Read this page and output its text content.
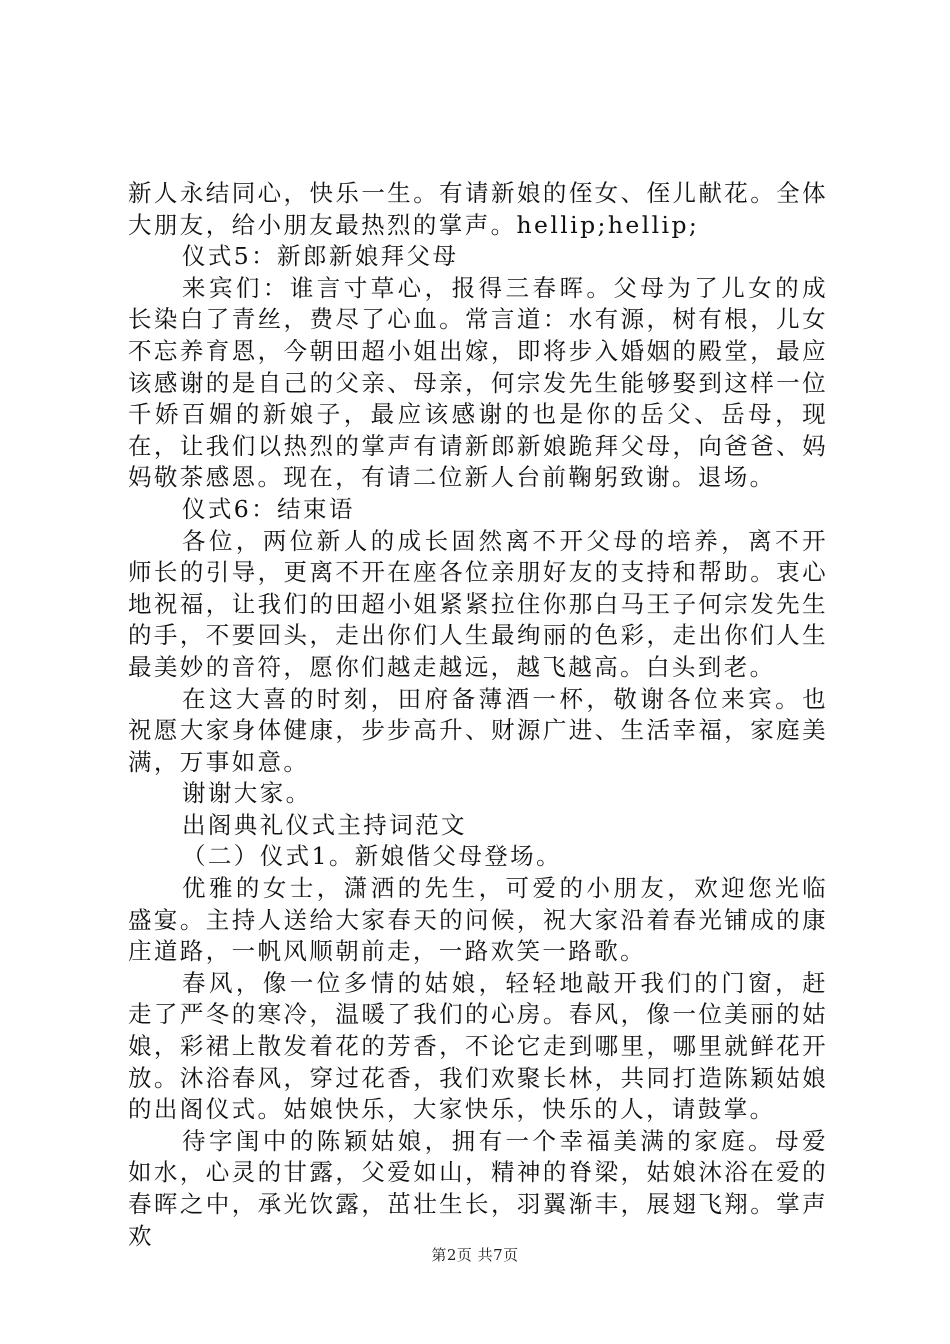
新人永结同心，快乐一生。有请新娘的侄女、侄儿献花。全体大朋友，给小朋友最热烈的掌声。hellip;hellip;

仪式5：新郎新娘拜父母

来宾们：谁言寸草心，报得三春晖。父母为了儿女的成长染白了青丝，费尽了心血。常言道：水有源，树有根，儿女不忘养育恩，今朝田超小姐出嫁，即将步入婚姻的殿堂，最应该感谢的是自己的父亲、母亲，何宗发先生能够娶到这样一位千娇百媚的新娘子，最应该感谢的也是你的岳父、岳母，现在，让我们以热烈的掌声有请新郎新娘跪拜父母，向爸爸、妈妈敬茶感恩。现在，有请二位新人台前鞠躬致谢。退场。

仪式6：结束语

各位，两位新人的成长固然离不开父母的培养，离不开师长的引导，更离不开在座各位亲朋好友的支持和帮助。衷心地祝福，让我们的田超小姐紧紧拉住你那白马王子何宗发先生的手，不要回头，走出你们人生最绚丽的色彩，走出你们人生最美妙的音符，愿你们越走越远，越飞越高。白头到老。

在这大喜的时刻，田府备薄酒一杯，敬谢各位来宾。也祝愿大家身体健康，步步高升、财源广进、生活幸福，家庭美满，万事如意。

谢谢大家。

出阁典礼仪式主持词范文

（二）仪式1。新娘偕父母登场。

优雅的女士，潇洒的先生，可爱的小朋友，欢迎您光临盛宴。主持人送给大家春天的问候，祝大家沿着春光铺成的康庄道路，一帆风顺朝前走，一路欢笑一路歌。

春风，像一位多情的姑娘，轻轻地敲开我们的门窗，赶走了严冬的寒冷，温暖了我们的心房。春风，像一位美丽的姑娘，彩裙上散发着花的芳香，不论它走到哪里，哪里就鲜花开放。沐浴春风，穿过花香，我们欢聚长林，共同打造陈颖姑娘的出阁仪式。姑娘快乐，大家快乐，快乐的人，请鼓掌。

待字闺中的陈颖姑娘，拥有一个幸福美满的家庭。母爱如水，心灵的甘露，父爱如山，精神的脊梁，姑娘沐浴在爱的春晖之中，承光饮露，茁壮生长，羽翼渐丰，展翅飞翔。掌声欢

第2页 共7页
